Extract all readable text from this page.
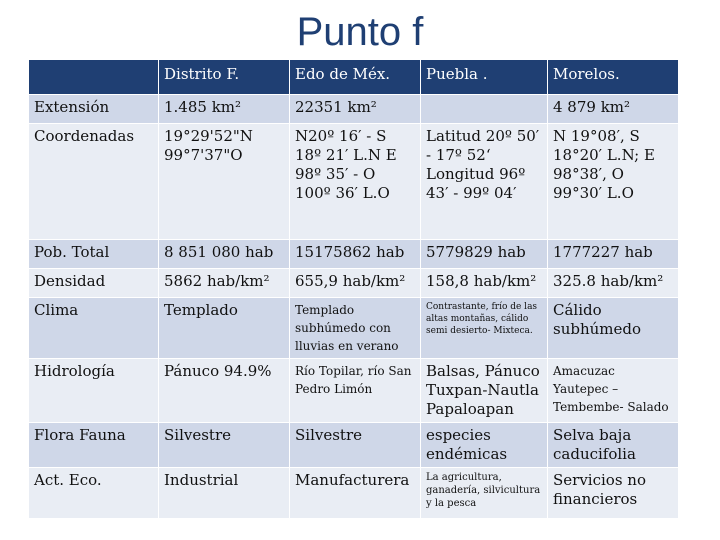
Punto f
	Distrito F.	Edo de Méx.	Puebla .	Morelos.
Extensión	1.485 km²	22351 km²		4 879 km²
Coordenadas	19°29'52"N 99°7'37"O	N20º 16′ - S 18º 21′ L.N E 98º 35′ - O 100º 36′ L.O	Latitud 20º 50′ - 17º 52‘ Longitud 96º 43′ - 99º 04′	N 19°08′, S 18°20′ L.N; E 98°38′, O 99°30′ L.O
Pob. Total	8 851 080 hab	15175862 hab	5779829 hab	1777227 hab
Densidad	5862 hab/km²	655,9 hab/km²	158,8 hab/km²	325.8 hab/km²
Clima	Templado	Templado subhúmedo con lluvias en verano	Contrastante, frío de las altas montañas, cálido semi desierto- Mixteca.	Cálido subhúmedo
Hidrología	Pánuco 94.9%	Río Topilar, río San Pedro Limón	Balsas, Pánuco Tuxpan-Nautla Papaloapan	Amacuzac Yautepec – Tembembe- Salado
Flora Fauna	Silvestre	Silvestre	especies endémicas	Selva baja caducifolia
Act. Eco.	Industrial	Manufacturera	La agricultura, ganadería, silvicultura y la pesca	Servicios no financieros
